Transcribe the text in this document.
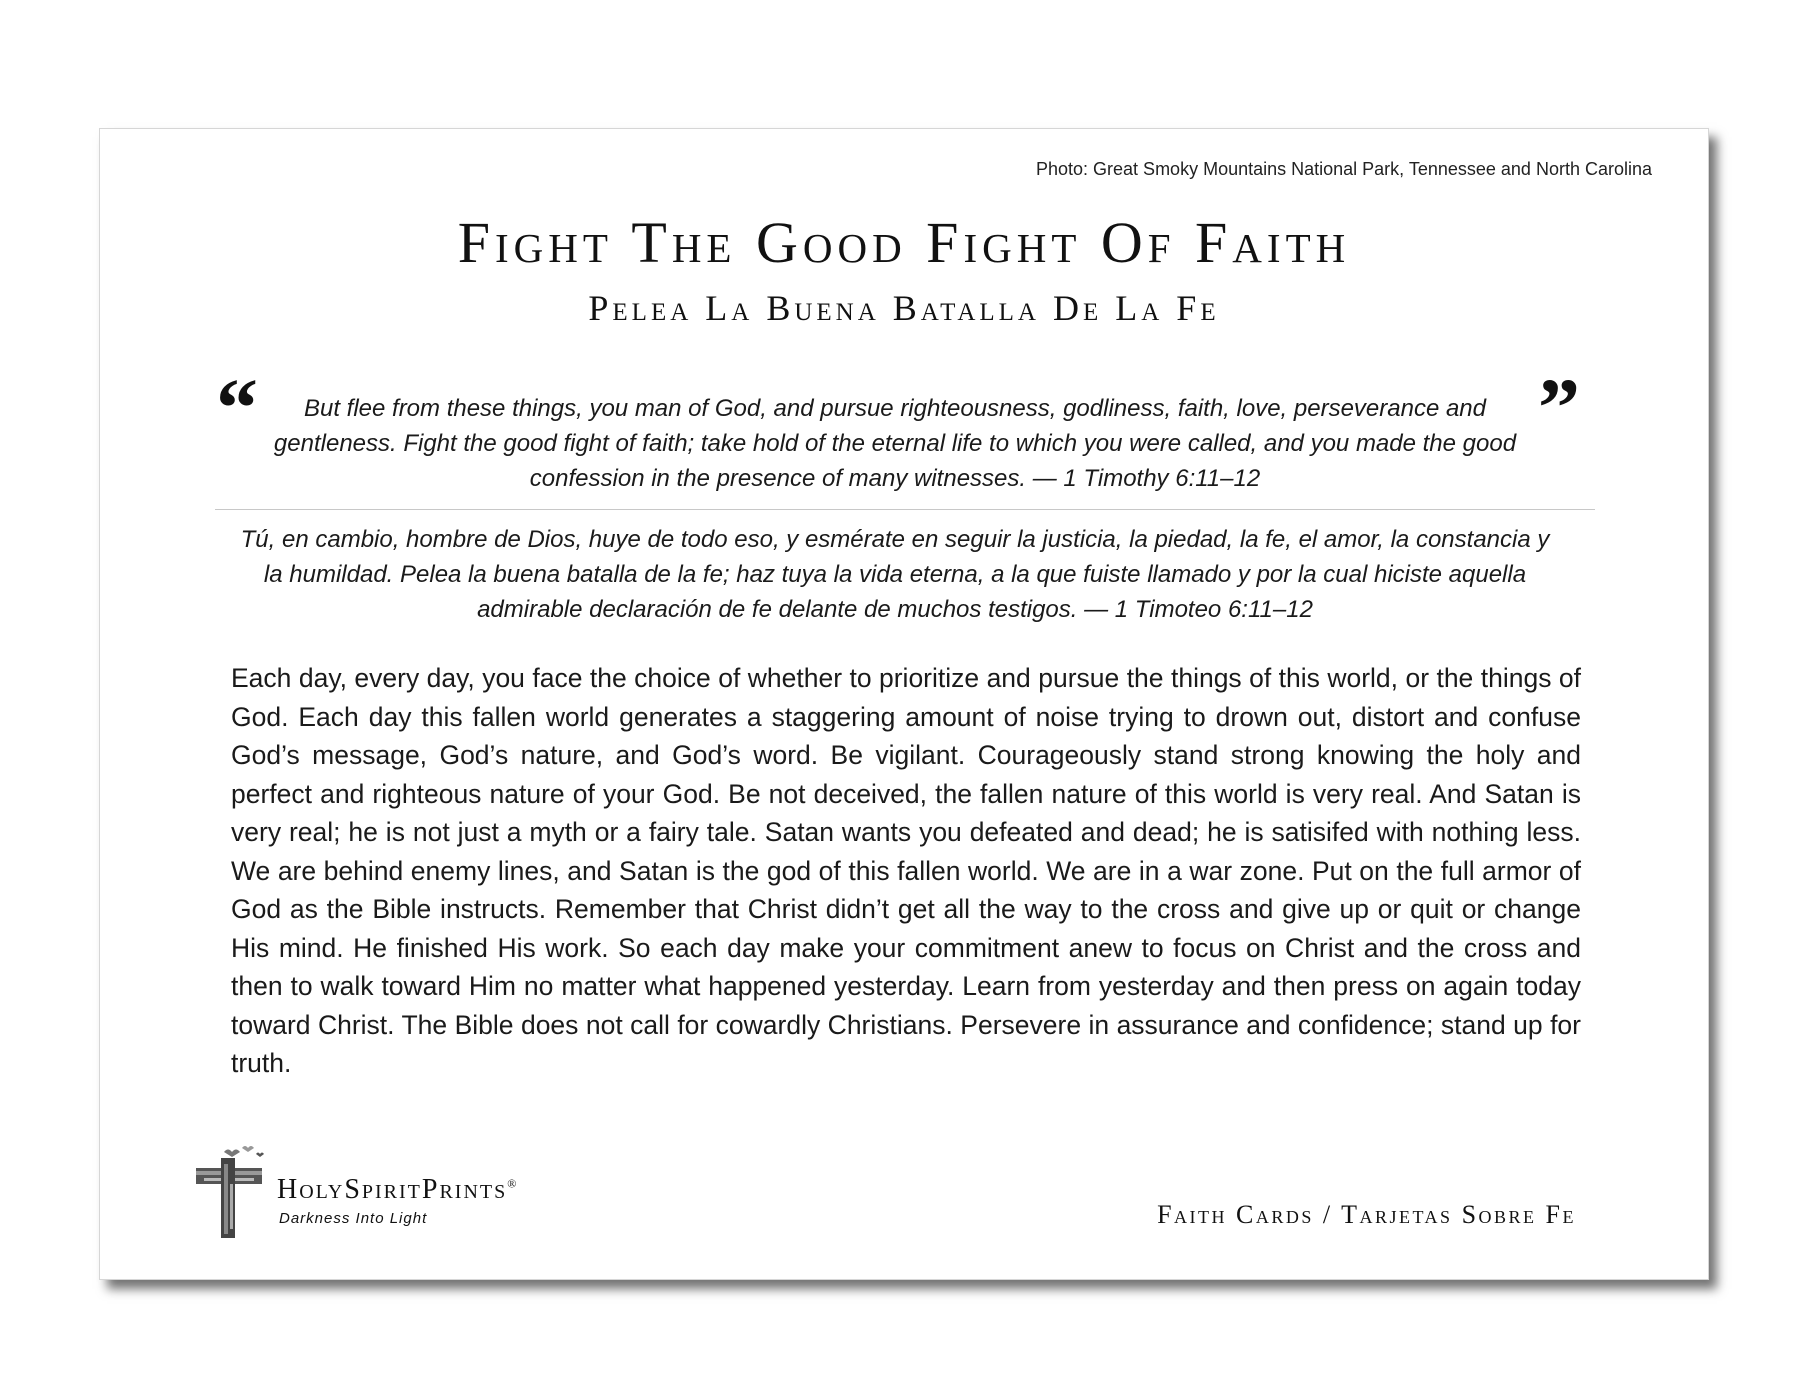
Photo: Great Smoky Mountains National Park, Tennessee and North Carolina
Fight The Good Fight Of Faith
Pelea La Buena Batalla De La Fe
“	”

But flee from these things, you man of God, and pursue righteousness, godliness, faith, love, perseverance and gentleness. Fight the good fight of faith; take hold of the eternal life to which you were called, and you made the good confession in the presence of many witnesses. — 1 Timothy 6:11–12

Tú, en cambio, hombre de Dios, huye de todo eso, y esmérate en seguir la justicia, la piedad, la fe, el amor, la constancia y la humildad. Pelea la buena batalla de la fe; haz tuya la vida eterna, a la que fuiste llamado y por la cual hiciste aquella admirable declaración de fe delante de muchos testigos. — 1 Timoteo 6:11–12

Each day, every day, you face the choice of whether to prioritize and pursue the things of this world, or the things of God. Each day this fallen world generates a staggering amount of noise trying to drown out, distort and confuse God’s message, God’s nature, and God’s word. Be vigilant. Courageously stand strong knowing the holy and perfect and righteous nature of your God. Be not deceived, the fallen nature of this world is very real. And Satan is very real; he is not just a myth or a fairy tale. Satan wants you defeated and dead; he is satisifed with nothing less. We are behind enemy lines, and Satan is the god of this fallen world. We are in a war zone. Put on the full armor of God as the Bible instructs. Remember that Christ didn’t get all the way to the cross and give up or quit or change His mind. He finished His work. So each day make your commitment anew to focus on Christ and the cross and then to walk toward Him no matter what happened yesterday. Learn from yesterday and then press on again today toward Christ. The Bible does not call for cowardly Christians. Persevere in assurance and confidence; stand up for truth.

HolySpiritPrints®
Darkness Into Light	Faith Cards / Tarjetas Sobre Fe
